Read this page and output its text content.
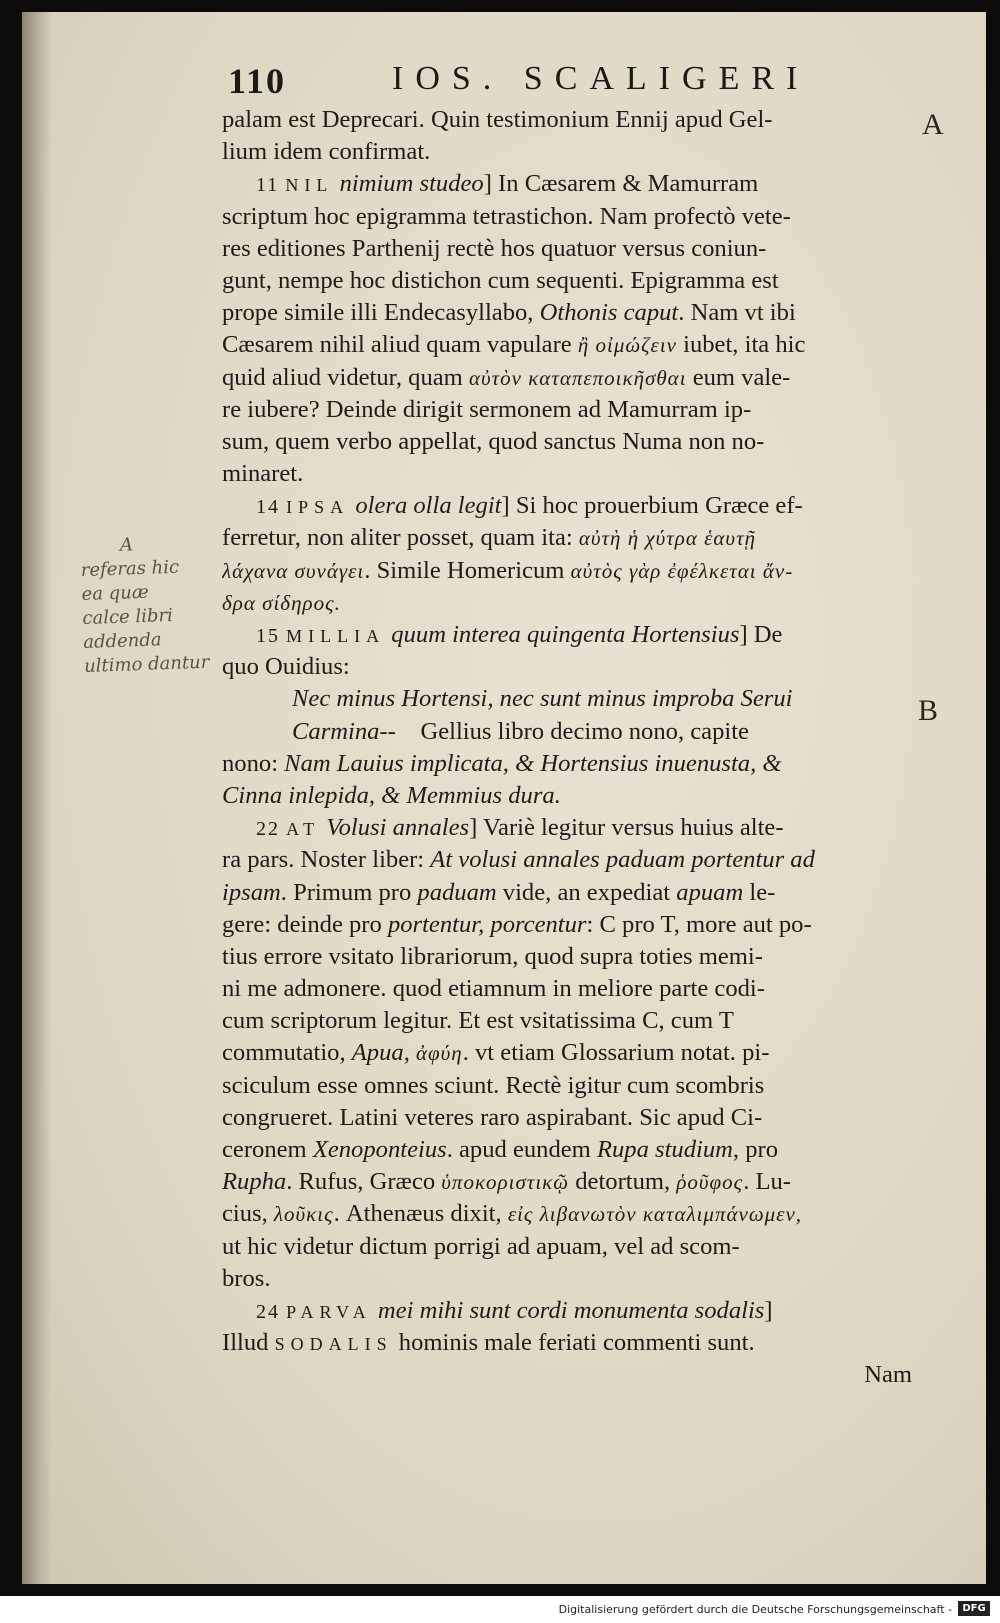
110	IOS. SCALIGERI
A
B
A
referas hic
ea quæ
calce libri
addenda
ultimo dantur
palam est Deprecari. Quin testimonium Ennij apud Gel-
lium idem confirmat.
11 NIL nimium studeo] In Cæsarem & Mamurram
scriptum hoc epigramma tetrastichon. Nam profectò vete-
res editiones Parthenij rectè hos quatuor versus coniun-
gunt, nempe hoc distichon cum sequenti. Epigramma est
prope simile illi Endecasyllabo, Othonis caput. Nam vt ibi
Cæsarem nihil aliud quam vapulare ἢ οἰμώζειν iubet, ita hic
quid aliud videtur, quam αὐτὸν καταπεποικῆσθαι eum vale-
re iubere? Deinde dirigit sermonem ad Mamurram ip-
sum, quem verbo appellat, quod sanctus Numa non no-
minaret.
14 IPSA olera olla legit] Si hoc prouerbium Græce ef-
ferretur, non aliter posset, quam ita: αὐτὴ ἡ χύτρα ἑαυτῇ
λάχανα συνάγει. Simile Homericum αὐτὸς γὰρ ἐφέλκεται ἄν-
δρα σίδηρος.
15 MILLIA quum interea quingenta Hortensius] De
quo Ouidius:
Nec minus Hortensi, nec sunt minus improba Serui
Carmina-- Gellius libro decimo nono, capite
nono: Nam Lauius implicata, & Hortensius inuenusta, &
Cinna inlepida, & Memmius dura.
22 AT Volusi annales] Variè legitur versus huius alte-
ra pars. Noster liber: At volusi annales paduam portentur ad
ipsam. Primum pro paduam vide, an expediat apuam le-
gere: deinde pro portentur, porcentur: C pro T, more aut po-
tius errore vsitato librariorum, quod supra toties memi-
ni me admonere. quod etiamnum in meliore parte codi-
cum scriptorum legitur. Et est vsitatissima C, cum T
commutatio, Apua, ἀφύη. vt etiam Glossarium notat. pi-
sciculum esse omnes sciunt. Rectè igitur cum scombris
congrueret. Latini veteres raro aspirabant. Sic apud Ci-
ceronem Xenoponteius. apud eundem Rupa studium, pro
Rupha. Rufus, Græco ὑποκοριστικῷ detortum, ῥοῦφος. Lu-
cius, λοῦκις. Athenæus dixit, εἰς λιβανωτὸν καταλιμπάνωμεν,
ut hic videtur dictum porrigi ad apuam, vel ad scom-
bros.
24 PARVA mei mihi sunt cordi monumenta sodalis]
Illud SODALIS hominis male feriati commenti sunt.
Nam
Digitalisierung gefördert durch die Deutsche Forschungsgemeinschaft -	DFG
